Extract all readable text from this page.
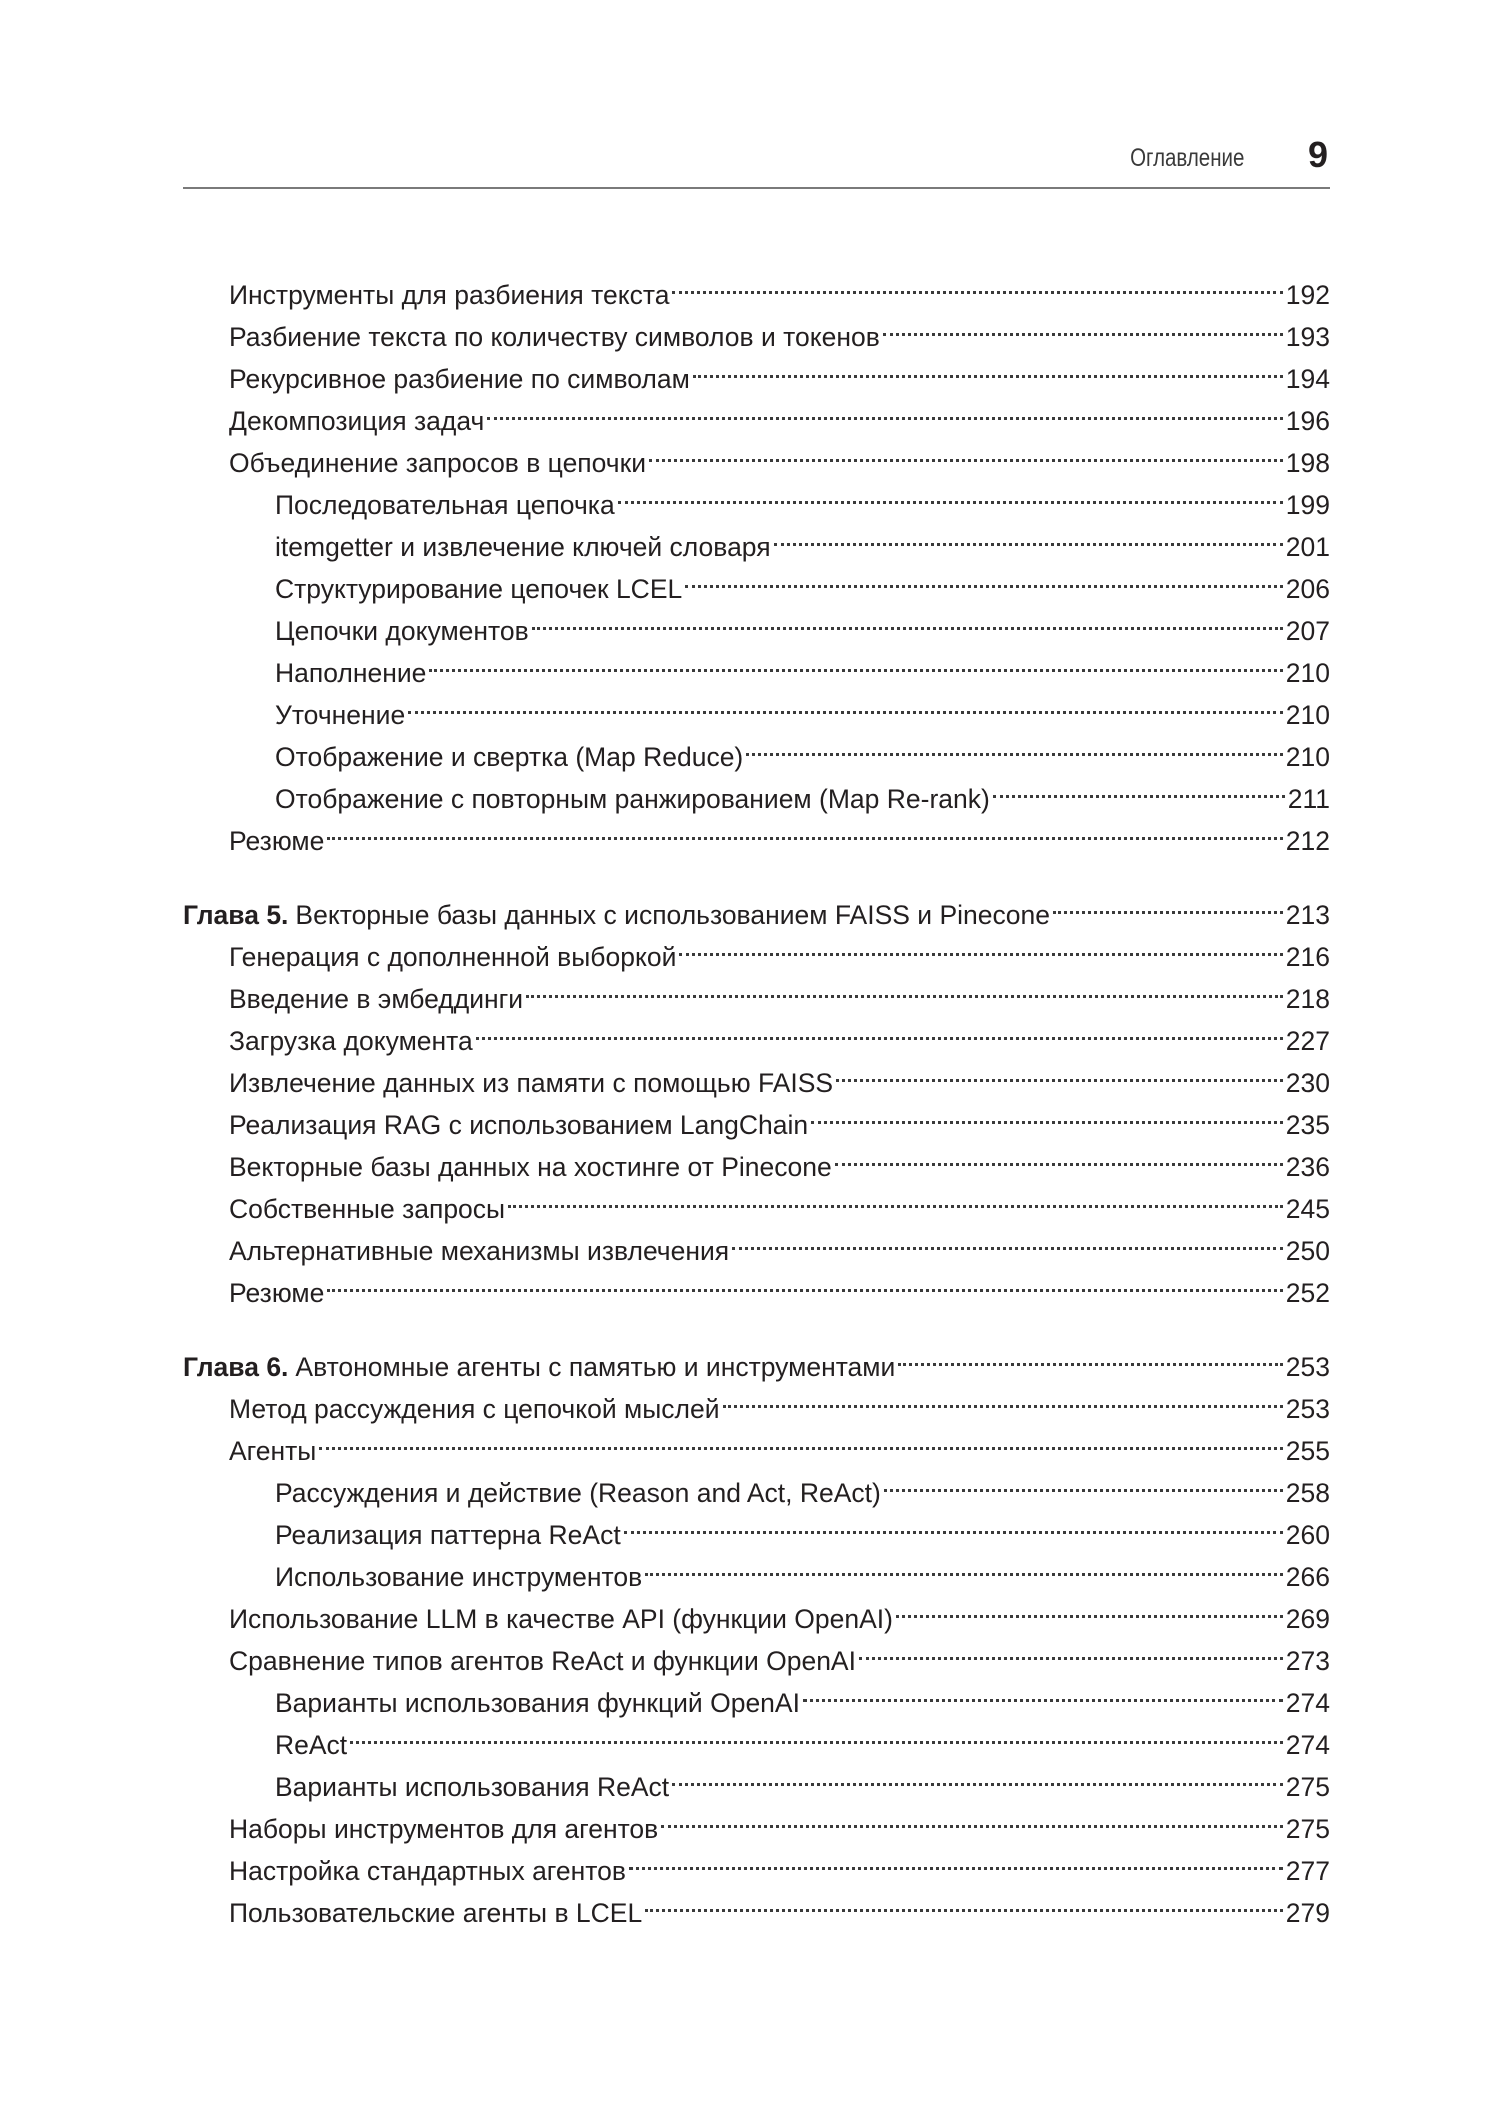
Оглавление 9
Инструменты для разбиения текста	192
Разбиение текста по количеству символов и токенов	193
Рекурсивное разбиение по символам	194
Декомпозиция задач	196
Объединение запросов в цепочки	198
Последовательная цепочка	199
itemgetter и извлечение ключей словаря	201
Структурирование цепочек LCEL	206
Цепочки документов	207
Наполнение	210
Уточнение	210
Отображение и свертка (Map Reduce)	210
Отображение с повторным ранжированием (Map Re-rank)	211
Резюме	212
Глава 5. Векторные базы данных с использованием FAISS и Pinecone	213
Генерация с дополненной выборкой	216
Введение в эмбеддинги	218
Загрузка документа	227
Извлечение данных из памяти с помощью FAISS	230
Реализация RAG с использованием LangChain	235
Векторные базы данных на хостинге от Pinecone	236
Собственные запросы	245
Альтернативные механизмы извлечения	250
Резюме	252
Глава 6. Автономные агенты с памятью и инструментами	253
Метод рассуждения с цепочкой мыслей	253
Агенты	255
Рассуждения и действие (Reason and Act, ReAct)	258
Реализация паттерна ReAct	260
Использование инструментов	266
Использование LLM в качестве API (функции OpenAI)	269
Сравнение типов агентов ReAct и функции OpenAI	273
Варианты использования функций OpenAI	274
ReAct	274
Варианты использования ReAct	275
Наборы инструментов для агентов	275
Настройка стандартных агентов	277
Пользовательские агенты в LCEL	279
